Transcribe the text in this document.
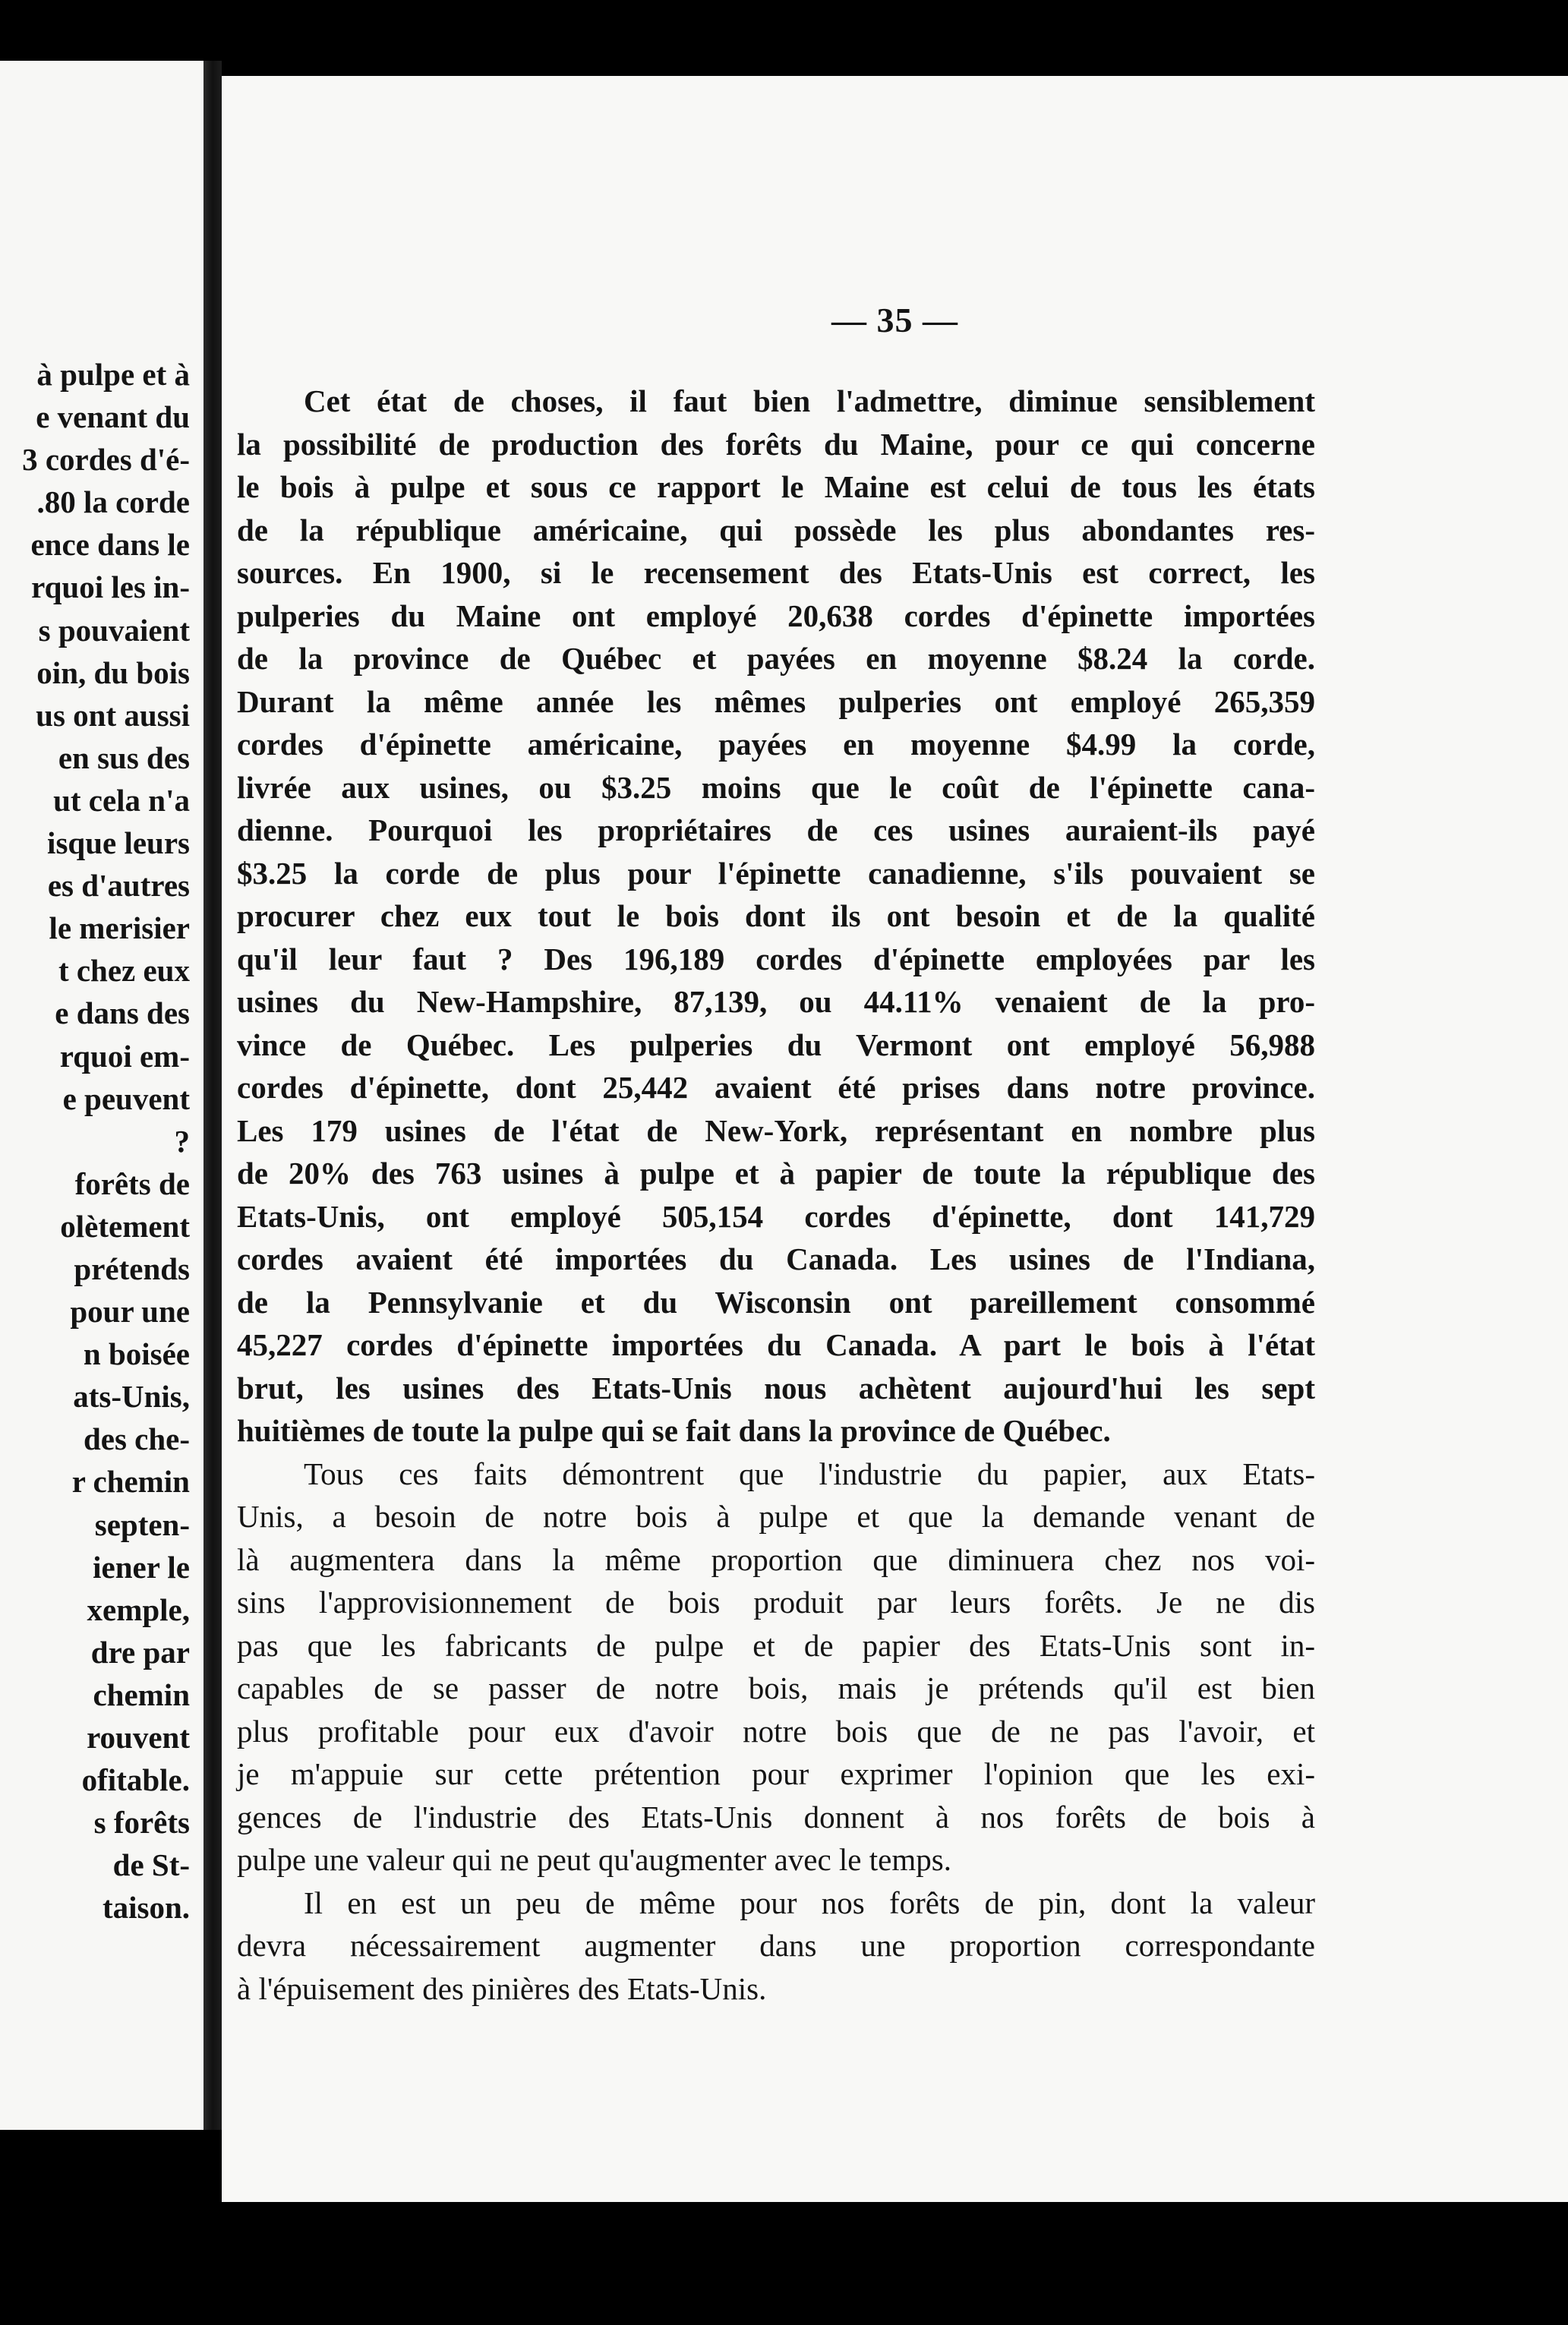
à pulpe et à
e venant du
3 cordes d'é-
.80 la corde
ence dans le
rquoi les in-
s pouvaient
oin, du bois
us ont aussi
en sus des
ut cela n'a
isque leurs
es d'autres
le merisier
t chez eux
e dans des
rquoi em-
e peuvent
?
forêts de
olètement
prétends
pour une
n boisée
ats-Unis,
des che-
r chemin
septen-
iener le
xemple,
dre par
chemin
rouvent
ofitable.
s forêts
de St-
taison.
— 35 —
Cet état de choses, il faut bien l'admettre, diminue sensiblement
la possibilité de production des forêts du Maine, pour ce qui concerne
le bois à pulpe et sous ce rapport le Maine est celui de tous les états
de la république américaine, qui possède les plus abondantes res-
sources. En 1900, si le recensement des Etats-Unis est correct, les
pulperies du Maine ont employé 20,638 cordes d'épinette importées
de la province de Québec et payées en moyenne $8.24 la corde.
Durant la même année les mêmes pulperies ont employé 265,359
cordes d'épinette américaine, payées en moyenne $4.99 la corde,
livrée aux usines, ou $3.25 moins que le coût de l'épinette cana-
dienne. Pourquoi les propriétaires de ces usines auraient-ils payé
$3.25 la corde de plus pour l'épinette canadienne, s'ils pouvaient se
procurer chez eux tout le bois dont ils ont besoin et de la qualité
qu'il leur faut ? Des 196,189 cordes d'épinette employées par les
usines du New-Hampshire, 87,139, ou 44.11% venaient de la pro-
vince de Québec. Les pulperies du Vermont ont employé 56,988
cordes d'épinette, dont 25,442 avaient été prises dans notre province.
Les 179 usines de l'état de New-York, représentant en nombre plus
de 20% des 763 usines à pulpe et à papier de toute la république des
Etats-Unis, ont employé 505,154 cordes d'épinette, dont 141,729
cordes avaient été importées du Canada. Les usines de l'Indiana,
de la Pennsylvanie et du Wisconsin ont pareillement consommé
45,227 cordes d'épinette importées du Canada. A part le bois à l'état
brut, les usines des Etats-Unis nous achètent aujourd'hui les sept
huitièmes de toute la pulpe qui se fait dans la province de Québec.
Tous ces faits démontrent que l'industrie du papier, aux Etats-
Unis, a besoin de notre bois à pulpe et que la demande venant de
là augmentera dans la même proportion que diminuera chez nos voi-
sins l'approvisionnement de bois produit par leurs forêts. Je ne dis
pas que les fabricants de pulpe et de papier des Etats-Unis sont in-
capables de se passer de notre bois, mais je prétends qu'il est bien
plus profitable pour eux d'avoir notre bois que de ne pas l'avoir, et
je m'appuie sur cette prétention pour exprimer l'opinion que les exi-
gences de l'industrie des Etats-Unis donnent à nos forêts de bois à
pulpe une valeur qui ne peut qu'augmenter avec le temps.
Il en est un peu de même pour nos forêts de pin, dont la valeur
devra nécessairement augmenter dans une proportion correspondante
à l'épuisement des pinières des Etats-Unis.
